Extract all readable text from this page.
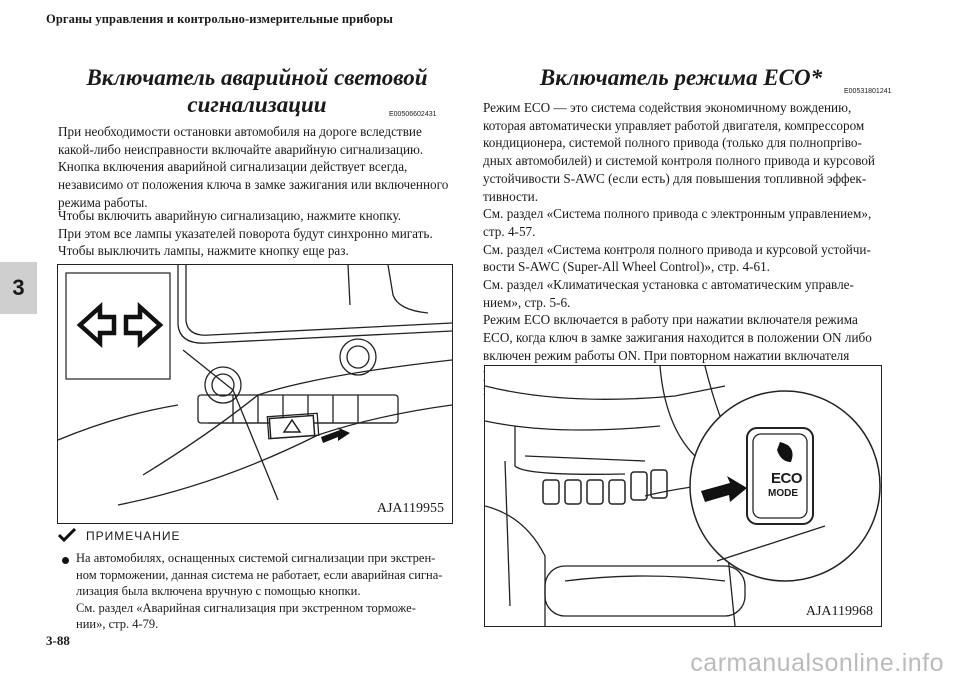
Органы управления и контрольно-измерительные приборы
3
Включатель аварийной световой
сигнализации	E00506602431

При необходимости остановки автомобиля на дороге вследствие

какой-либо неисправности включайте аварийную сигнализацию.

Кнопка включения аварийной сигнализации действует всегда,

независимо от положения ключа в замке зажигания или включенного

режима работы.

Чтобы включить аварийную сигнализацию, нажмите кнопку.

При этом все лампы указателей поворота будут синхронно мигать.

Чтобы выключить лампы, нажмите кнопку еще раз.

AJA119955
ПРИМЕЧАНИЕ
На автомобилях, оснащенных системой сигнализации при экстрен-
ном торможении, данная система не работает, если аварийная сигна-
лизация была включена вручную с помощью кнопки.
См. раздел «Аварийная сигнализация при экстренном торможе-
нии», стр. 4-79.
Включатель режима ECO*
E00531801241

Режим ECO — это система содействия экономичному вождению,

которая автоматически управляет работой двигателя, компрессором

кондиционера, системой полного привода (только для полнопpriво-

дных автомобилей) и системой контроля полного привода и курсовой

устойчивости S-AWC (если есть) для повышения топливной эффек-

тивности.

См. раздел «Система полного привода с электронным управлением»,

стр. 4-57.

См. раздел «Система контроля полного привода и курсовой устойчи-

вости S-AWC (Super-All Wheel Control)», стр. 4-61.

См. раздел «Климатическая установка с автоматическим управле-

нием», стр. 5-6.

Режим ECO включается в работу при нажатии включателя режима

ECO, когда ключ в замке зажигания находится в положении ON либо

включен режим работы ON. При повторном нажатии включателя

ECO
MODE
AJA119968
3-88
carmanualsonline.info
